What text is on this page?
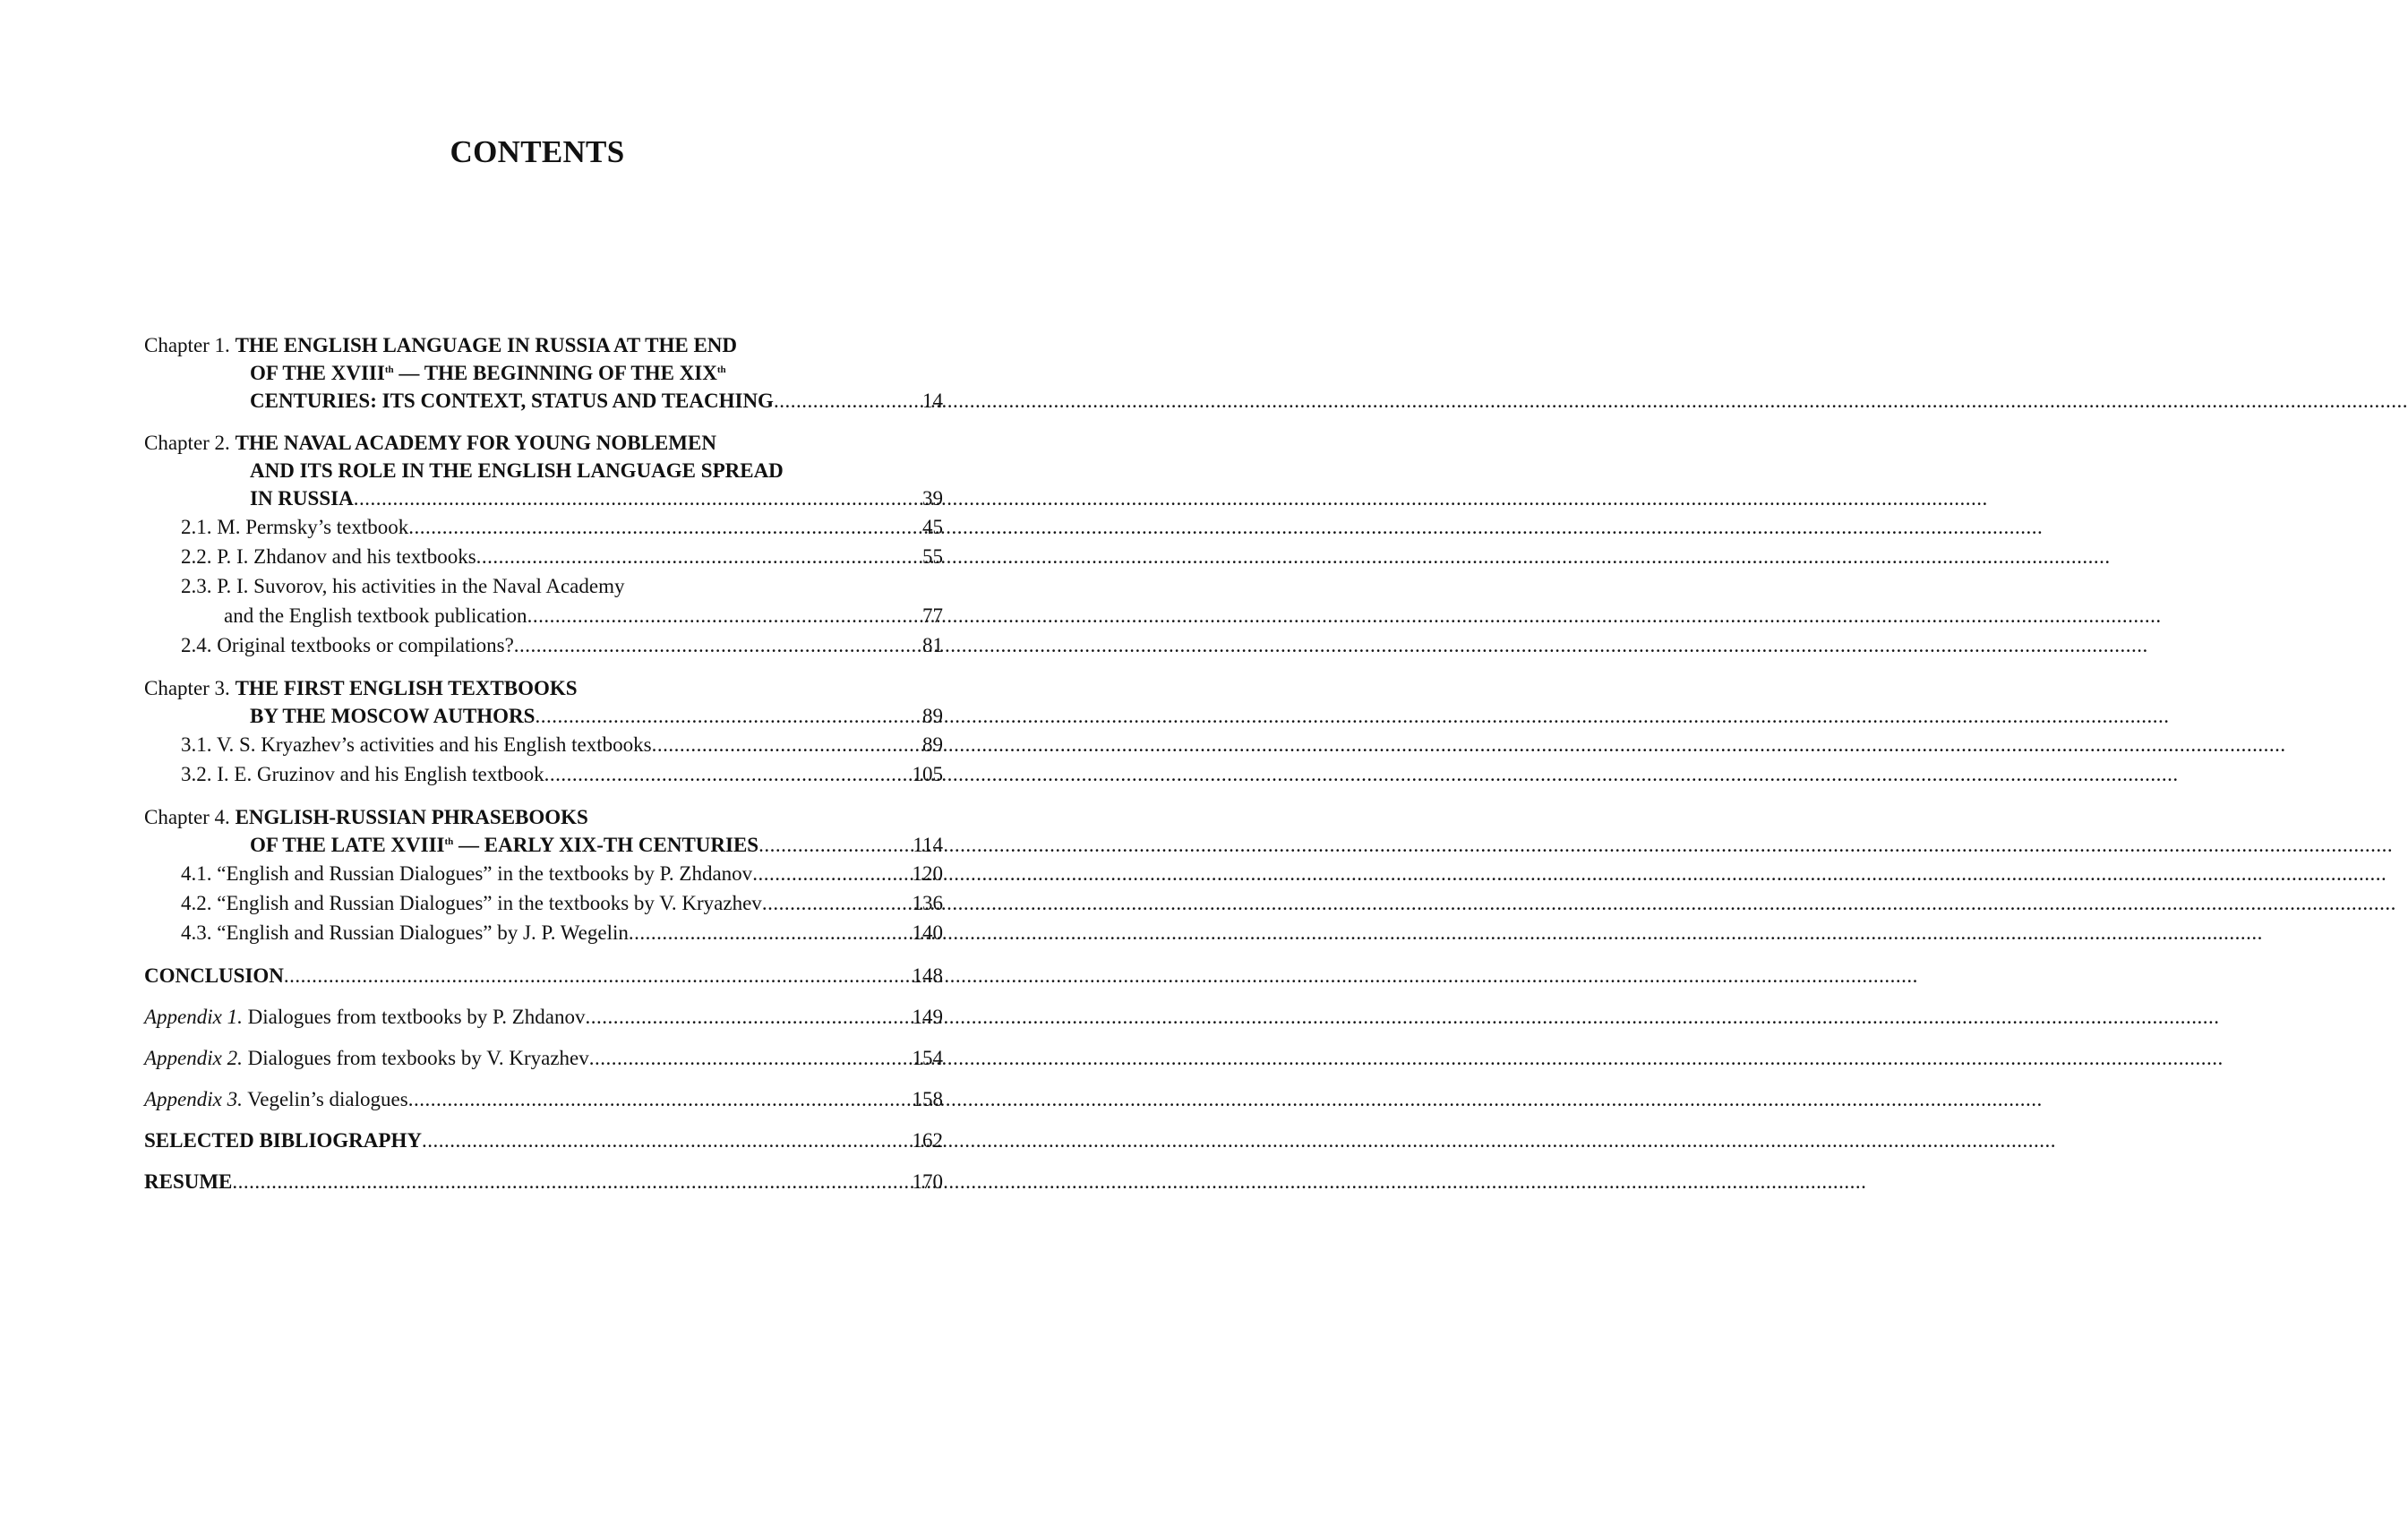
CONTENTS
Chapter 1.
THE ENGLISH LANGUAGE IN RUSSIA AT THE END
OF THE XVIIIth — THE BEGINNING OF THE XIXth
CENTURIES: ITS CONTEXT, STATUS AND TEACHING .....	14
Chapter 2.
THE NAVAL ACADEMY FOR YOUNG NOBLEMEN
AND ITS ROLE IN THE ENGLISH LANGUAGE SPREAD
IN RUSSIA .....	39
2.1. M. Permsky’s textbook .....	45
2.2. P. I. Zhdanov and his textbooks .....	55
2.3. P. I. Suvorov, his activities in the Naval Academy
and the English textbook publication .....	77
2.4. Original textbooks or compilations? .....	81
Chapter 3.
THE FIRST ENGLISH TEXTBOOKS
BY THE MOSCOW AUTHORS .....	89
3.1. V. S. Kryazhev’s activities and his English textbooks .....	89
3.2. I. E. Gruzinov and his English textbook .....	105
Chapter 4.
ENGLISH-RUSSIAN PHRASEBOOKS
OF THE LATE XVIIIth — EARLY XIX-TH CENTURIES .....	114
4.1. “English and Russian Dialogues” in the textbooks by P. Zhdanov .....	120
4.2. “English and Russian Dialogues” in the textbooks by V. Kryazhev .....	136
4.3. “English and Russian Dialogues” by J. P. Wegelin .....	140
CONCLUSION .....	148
Appendix 1. Dialogues from textbooks by P. Zhdanov .....	149
Appendix 2. Dialogues from texbooks by V. Kryazhev .....	154
Appendix 3. Vegelin’s dialogues .....	158
SELECTED BIBLIOGRAPHY .....	162
RESUME .....	170
